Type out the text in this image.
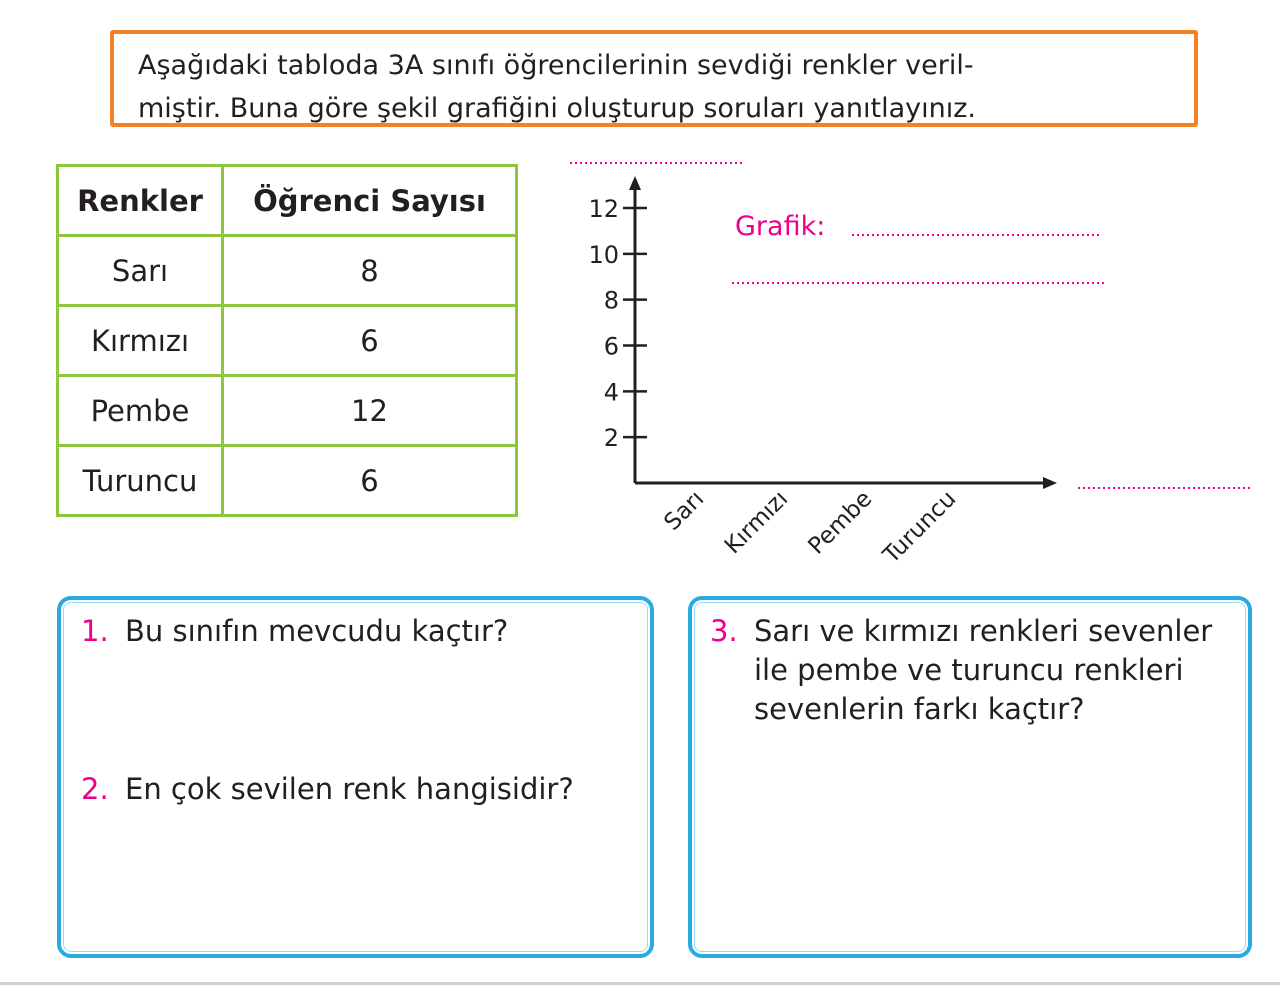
Aşağıdaki tabloda 3A sınıfı öğrencilerinin sevdiği renkler veril-
miştir. Buna göre şekil grafiğini oluşturup soruları yanıtlayınız.
Renkler	Öğrenci Sayısı
Sarı	8
Kırmızı	6
Pembe	12
Turuncu	6
Grafik:
2
4
6
8
10
12
Sarı Kırmızı Pembe Turuncu
1. Bu sınıfın mevcudu kaçtır?
2. En çok sevilen renk hangisidir?
3. Sarı ve kırmızı renkleri sevenler ile pembe ve turuncu renkleri sevenlerin farkı kaçtır?
